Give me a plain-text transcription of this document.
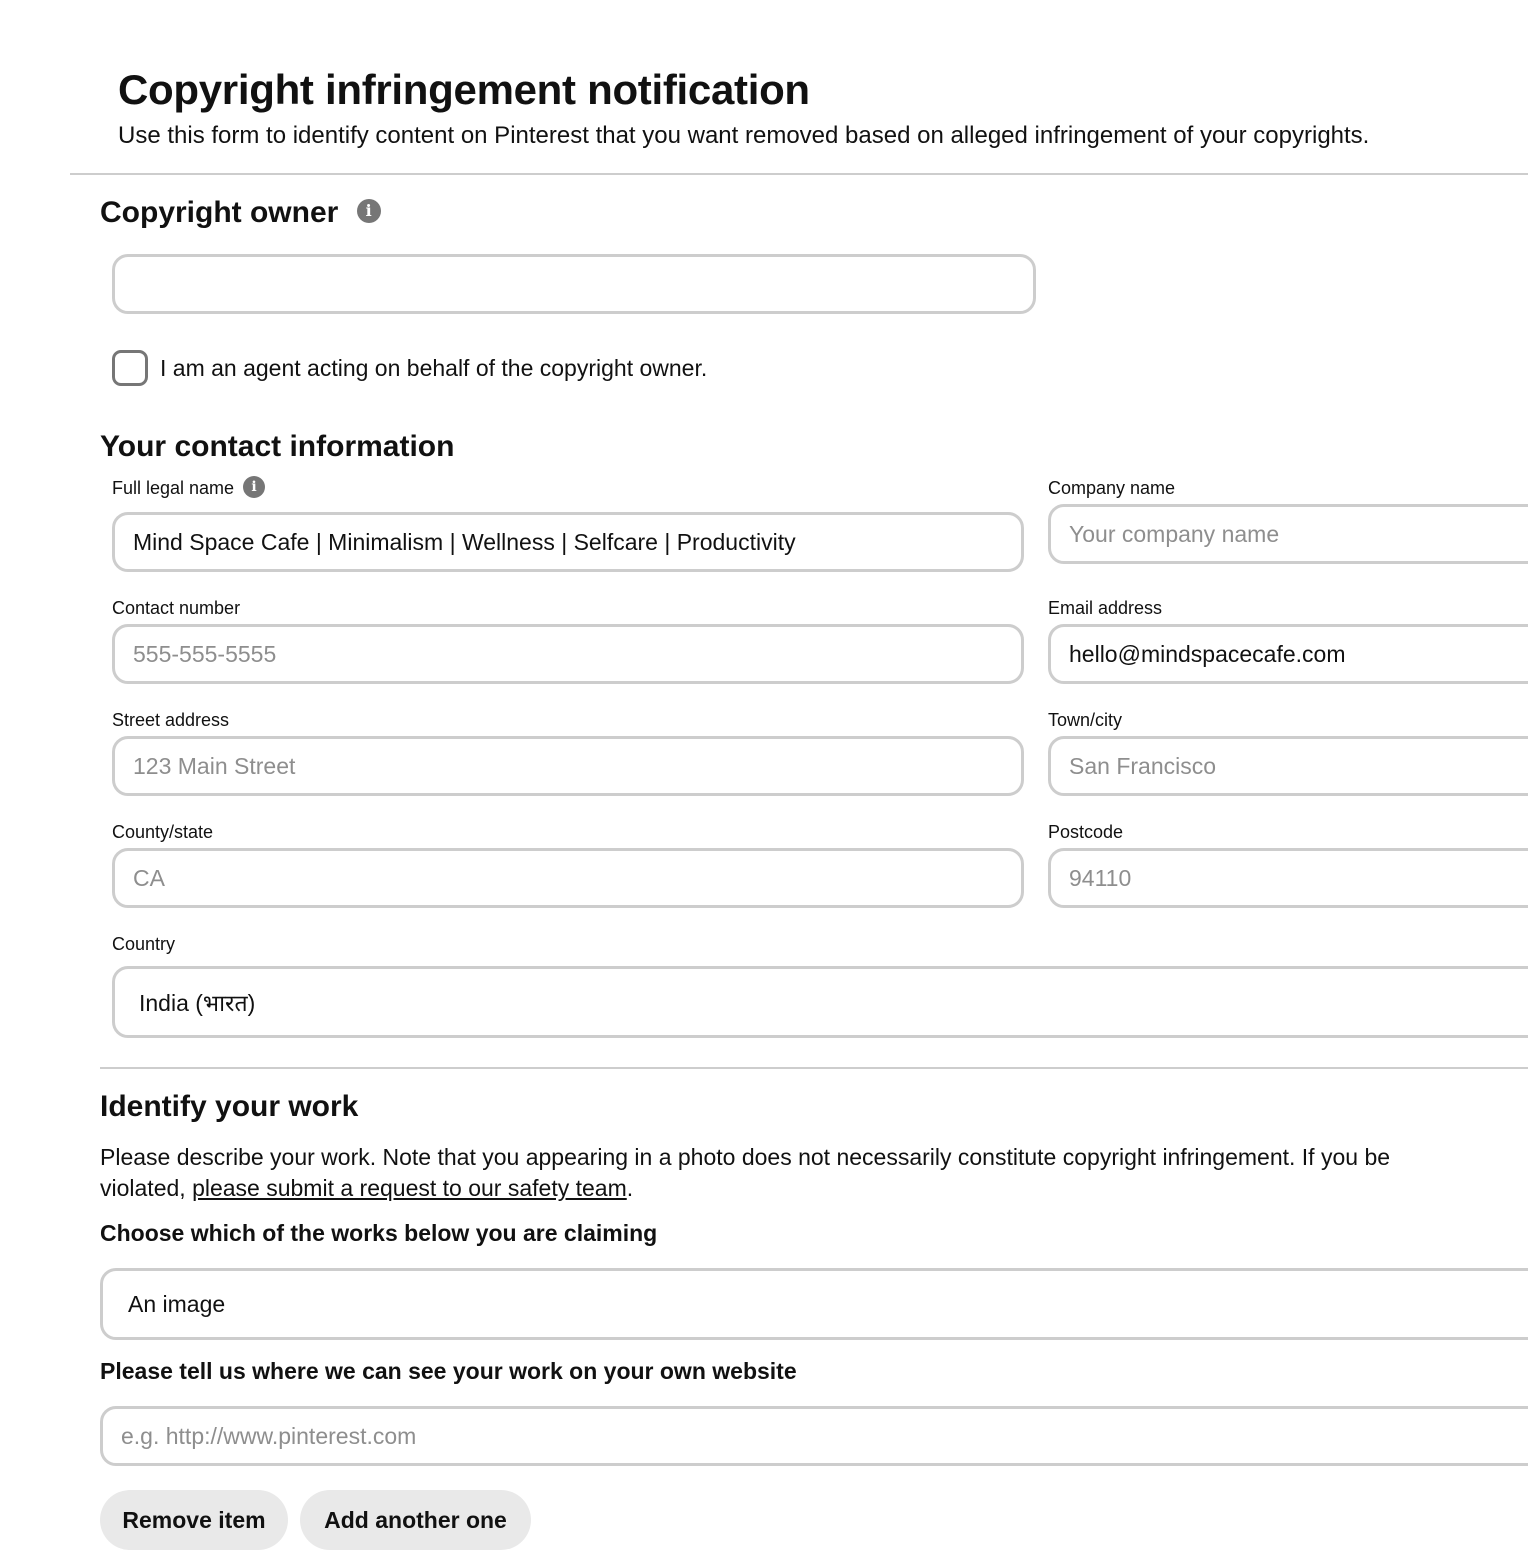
Copyright infringement notification
Use this form to identify content on Pinterest that you want removed based on alleged infringement of your copyrights.
Copyright owner i
I am an agent acting on behalf of the copyright owner.
Your contact information
Full legal name i
Mind Space Cafe | Minimalism | Wellness | Selfcare | Productivity
Company name
Your company name
Contact number
555-555-5555
Email address
hello@mindspacecafe.com
Street address
123 Main Street
Town/city
San Francisco
County/state
CA
Postcode
94110
Country
India (भारत)
Identify your work
Please describe your work. Note that you appearing in a photo does not necessarily constitute copyright infringement. If you be
violated, please submit a request to our safety team.
Choose which of the works below you are claiming
An image
Please tell us where we can see your work on your own website
e.g. http://www.pinterest.com
Remove item	Add another one
